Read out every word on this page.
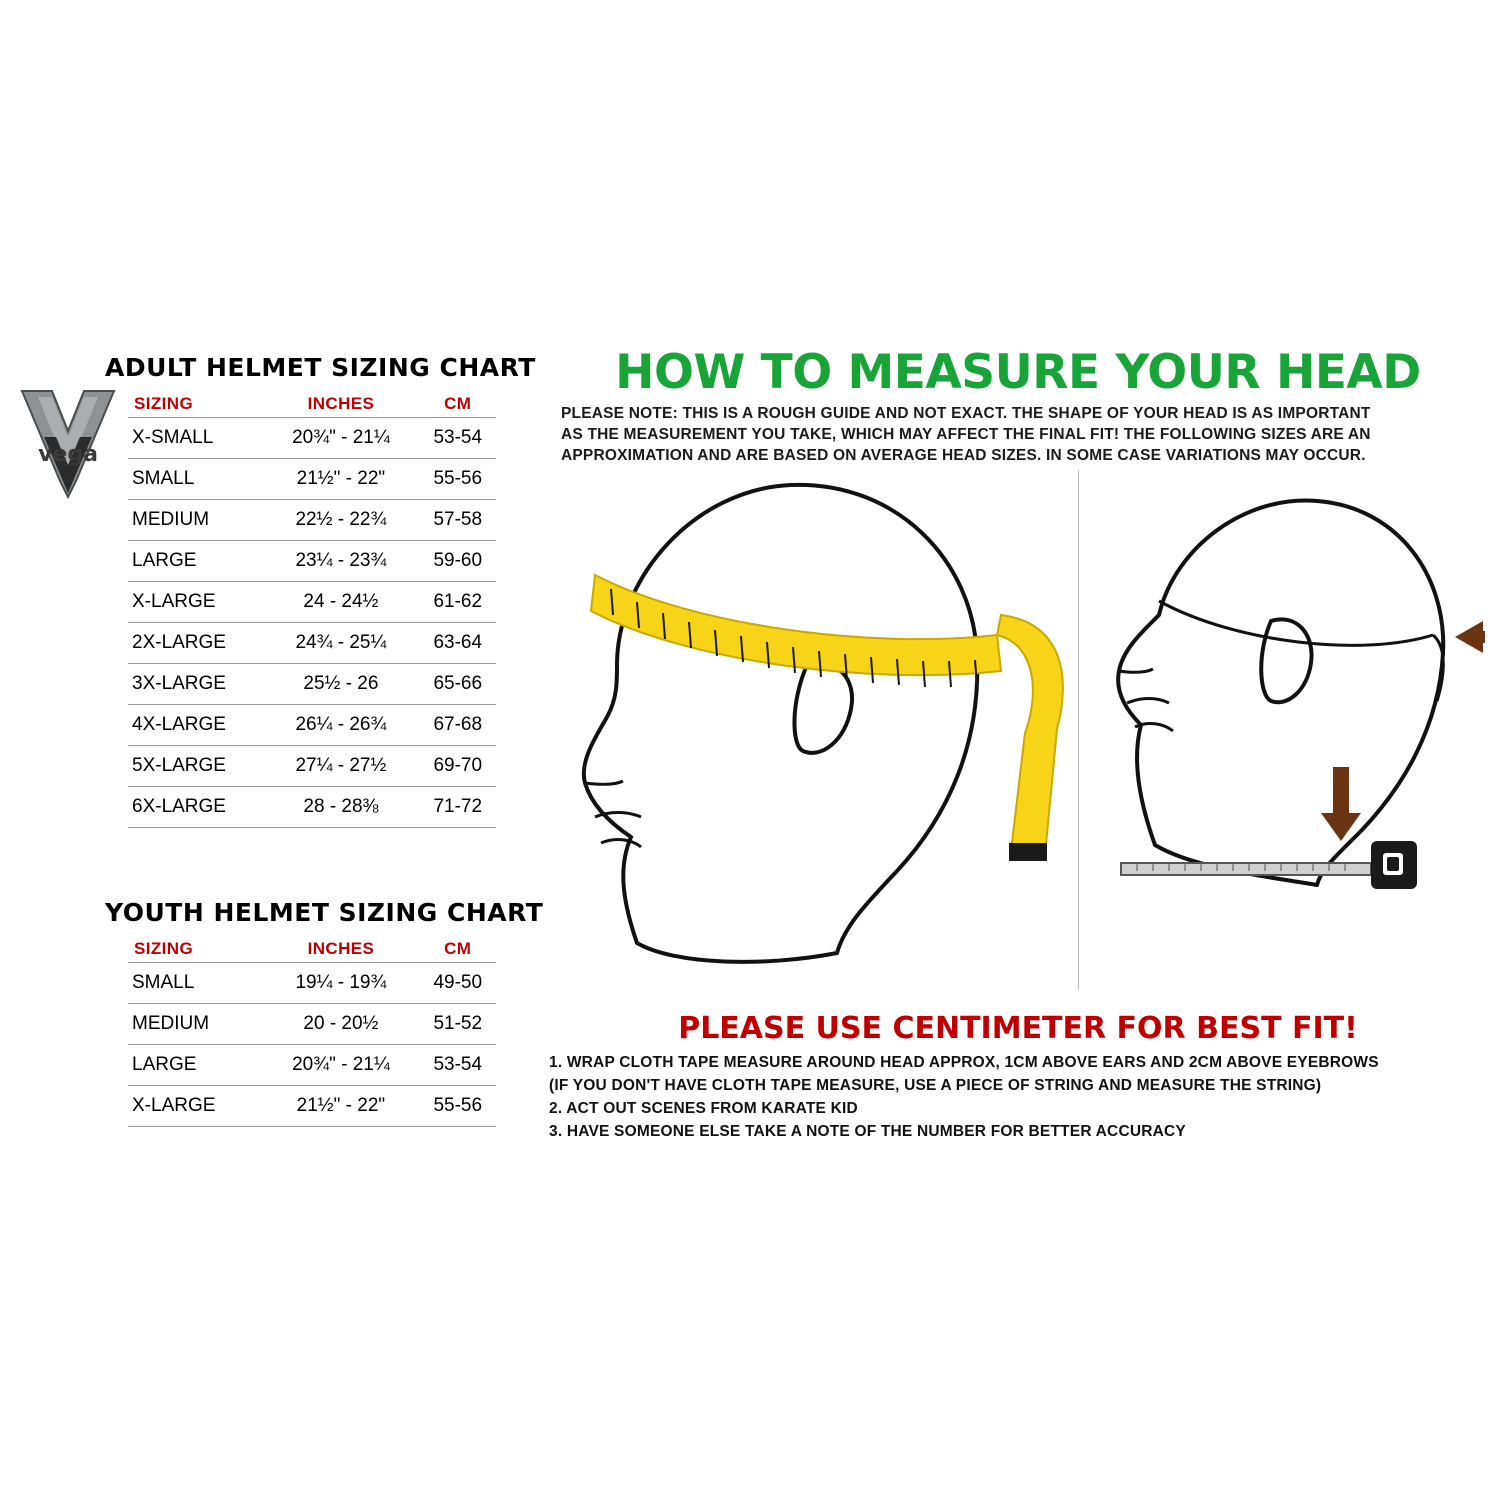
vega
ADULT HELMET SIZING CHART
SIZING	INCHES	CM
X-SMALL	20¾" - 21¼	53-54
SMALL	21½" - 22"	55-56
MEDIUM	22½ - 22¾	57-58
LARGE	23¼ - 23¾	59-60
X-LARGE	24 - 24½	61-62
2X-LARGE	24¾ - 25¼	63-64
3X-LARGE	25½ - 26	65-66
4X-LARGE	26¼ - 26¾	67-68
5X-LARGE	27¼ - 27½	69-70
6X-LARGE	28 - 28⅜	71-72
YOUTH HELMET SIZING CHART
SIZING	INCHES	CM
SMALL	19¼ - 19¾	49-50
MEDIUM	20 - 20½	51-52
LARGE	20¾" - 21¼	53-54
X-LARGE	21½" - 22"	55-56
HOW TO MEASURE YOUR HEAD
PLEASE NOTE: THIS IS A ROUGH GUIDE AND NOT EXACT. THE SHAPE OF YOUR HEAD IS AS IMPORTANT
AS THE MEASUREMENT YOU TAKE, WHICH MAY AFFECT THE FINAL FIT! THE FOLLOWING SIZES ARE AN
APPROXIMATION AND ARE BASED ON AVERAGE HEAD SIZES. IN SOME CASE VARIATIONS MAY OCCUR.
PLEASE USE CENTIMETER FOR BEST FIT!
1. WRAP CLOTH TAPE MEASURE AROUND HEAD APPROX, 1CM ABOVE EARS AND 2CM ABOVE EYEBROWS
(IF YOU DON'T HAVE CLOTH TAPE MEASURE, USE A PIECE OF STRING AND MEASURE THE STRING)
2. ACT OUT SCENES FROM KARATE KID
3. HAVE SOMEONE ELSE TAKE A NOTE OF THE NUMBER FOR BETTER ACCURACY
